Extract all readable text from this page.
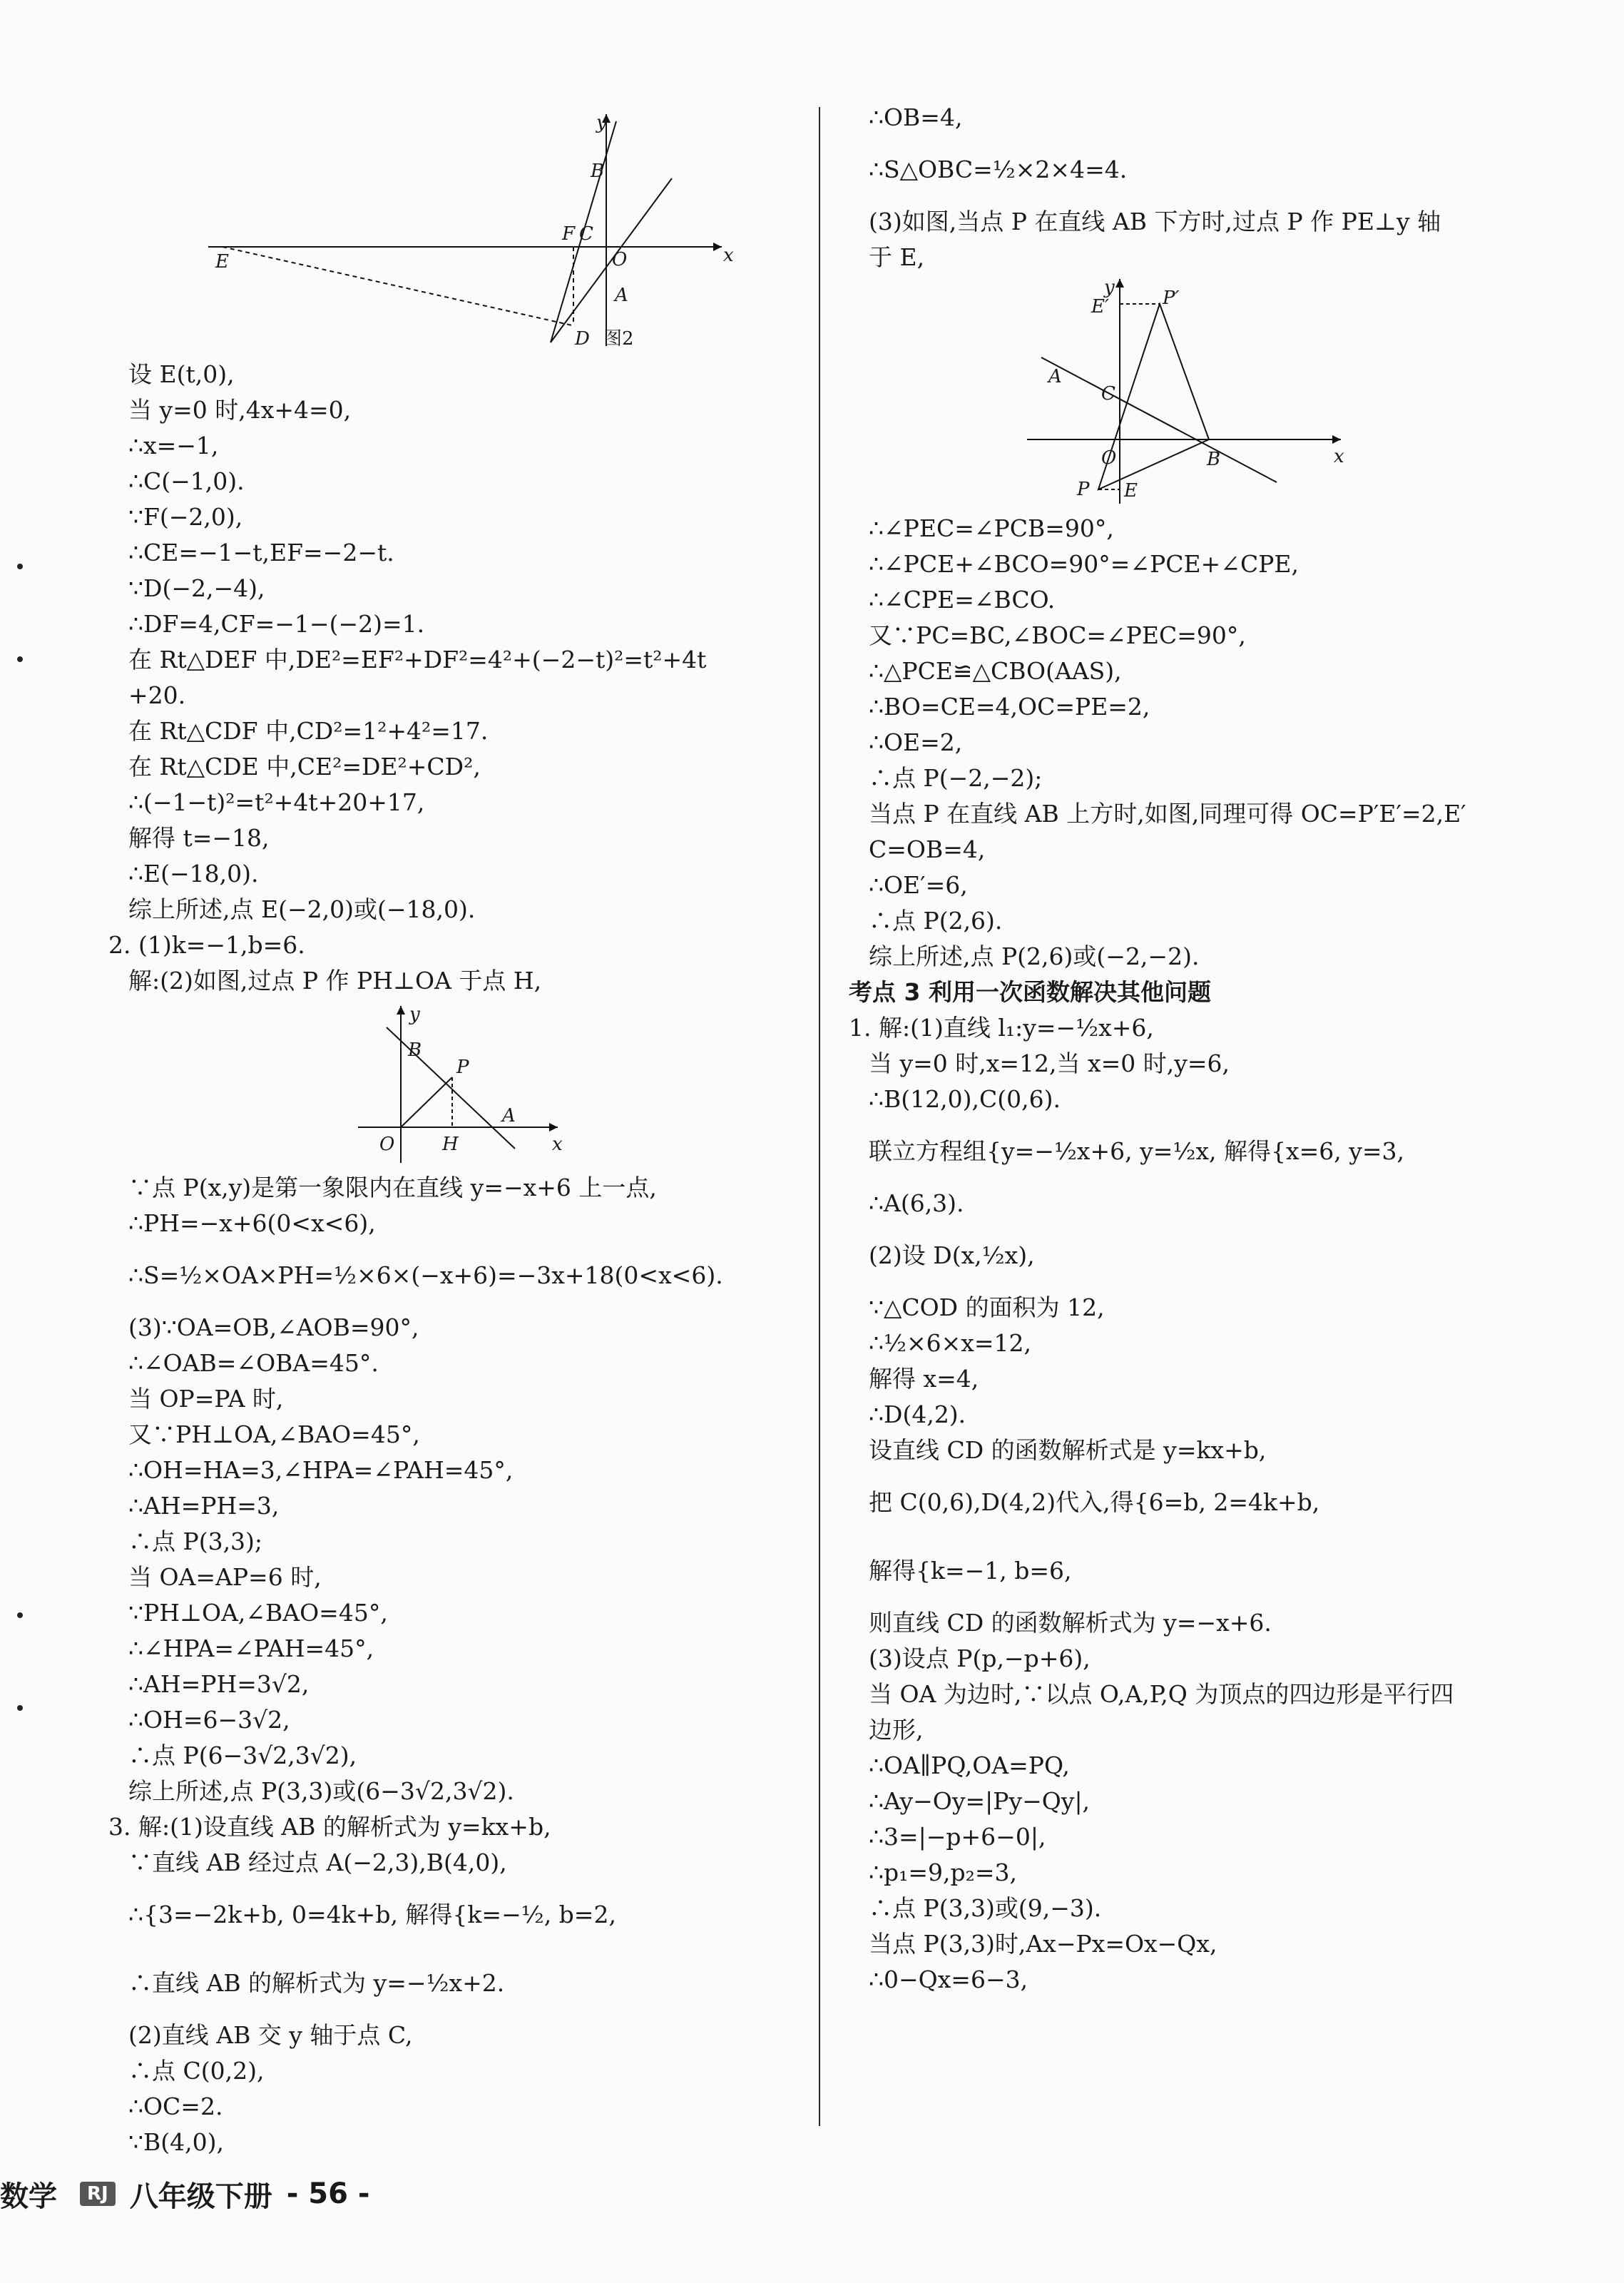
y
x
B
F C
O
E
A
D 图2
设 E(t,0),
当 y=0 时,4x+4=0,
∴x=−1,
∴C(−1,0).
∵F(−2,0),
∴CE=−1−t,EF=−2−t.
∵D(−2,−4),
∴DF=4,CF=−1−(−2)=1.
在 Rt△DEF 中,DE²=EF²+DF²=4²+(−2−t)²=t²+4t
+20.
在 Rt△CDF 中,CD²=1²+4²=17.
在 Rt△CDE 中,CE²=DE²+CD²,
∴(−1−t)²=t²+4t+20+17,
解得 t=−18,
∴E(−18,0).
综上所述,点 E(−2,0)或(−18,0).
2. (1)k=−1,b=6.
解:(2)如图,过点 P 作 PH⊥OA 于点 H,
y
x
B
P
O	H
A
∵点 P(x,y)是第一象限内在直线 y=−x+6 上一点,
∴PH=−x+6(0<x<6),
∴S=½×OA×PH=½×6×(−x+6)=−3x+18(0<x<6).
(3)∵OA=OB,∠AOB=90°,
∴∠OAB=∠OBA=45°.
当 OP=PA 时,
又∵PH⊥OA,∠BAO=45°,
∴OH=HA=3,∠HPA=∠PAH=45°,
∴AH=PH=3,
∴点 P(3,3);
当 OA=AP=6 时,
∵PH⊥OA,∠BAO=45°,
∴∠HPA=∠PAH=45°,
∴AH=PH=3√2,
∴OH=6−3√2,
∴点 P(6−3√2,3√2),
综上所述,点 P(3,3)或(6−3√2,3√2).
3. 解:(1)设直线 AB 的解析式为 y=kx+b,
∵直线 AB 经过点 A(−2,3),B(4,0),
∴{3=−2k+b, 0=4k+b, 解得{k=−½, b=2,
∴直线 AB 的解析式为 y=−½x+2.
(2)直线 AB 交 y 轴于点 C,
∴点 C(0,2),
∴OC=2.
∵B(4,0),
∴OB=4,
∴S△OBC=½×2×4=4.
(3)如图,当点 P 在直线 AB 下方时,过点 P 作 PE⊥y 轴
于 E,
y
x
E′	P′
A
C
O	B
P E
∴∠PEC=∠PCB=90°,
∴∠PCE+∠BCO=90°=∠PCE+∠CPE,
∴∠CPE=∠BCO.
又∵PC=BC,∠BOC=∠PEC=90°,
∴△PCE≌△CBO(AAS),
∴BO=CE=4,OC=PE=2,
∴OE=2,
∴点 P(−2,−2);
当点 P 在直线 AB 上方时,如图,同理可得 OC=P′E′=2,E′
C=OB=4,
∴OE′=6,
∴点 P(2,6).
综上所述,点 P(2,6)或(−2,−2).
考点 3 利用一次函数解决其他问题
1. 解:(1)直线 l₁:y=−½x+6,
当 y=0 时,x=12,当 x=0 时,y=6,
∴B(12,0),C(0,6).
联立方程组{y=−½x+6, y=½x, 解得{x=6, y=3,
∴A(6,3).
(2)设 D(x,½x),
∵△COD 的面积为 12,
∴½×6×x=12,
解得 x=4,
∴D(4,2).
设直线 CD 的函数解析式是 y=kx+b,
把 C(0,6),D(4,2)代入,得{6=b, 2=4k+b,
解得{k=−1, b=6,
则直线 CD 的函数解析式为 y=−x+6.
(3)设点 P(p,−p+6),
当 OA 为边时,∵以点 O,A,P,Q 为顶点的四边形是平行四
边形,
∴OA∥PQ,OA=PQ,
∴Ay−Oy=|Py−Qy|,
∴3=|−p+6−0|,
∴p₁=9,p₂=3,
∴点 P(3,3)或(9,−3).
当点 P(3,3)时,Ax−Px=Ox−Qx,
∴0−Qx=6−3,
数学	RJ 八年级下册 - 56 -
